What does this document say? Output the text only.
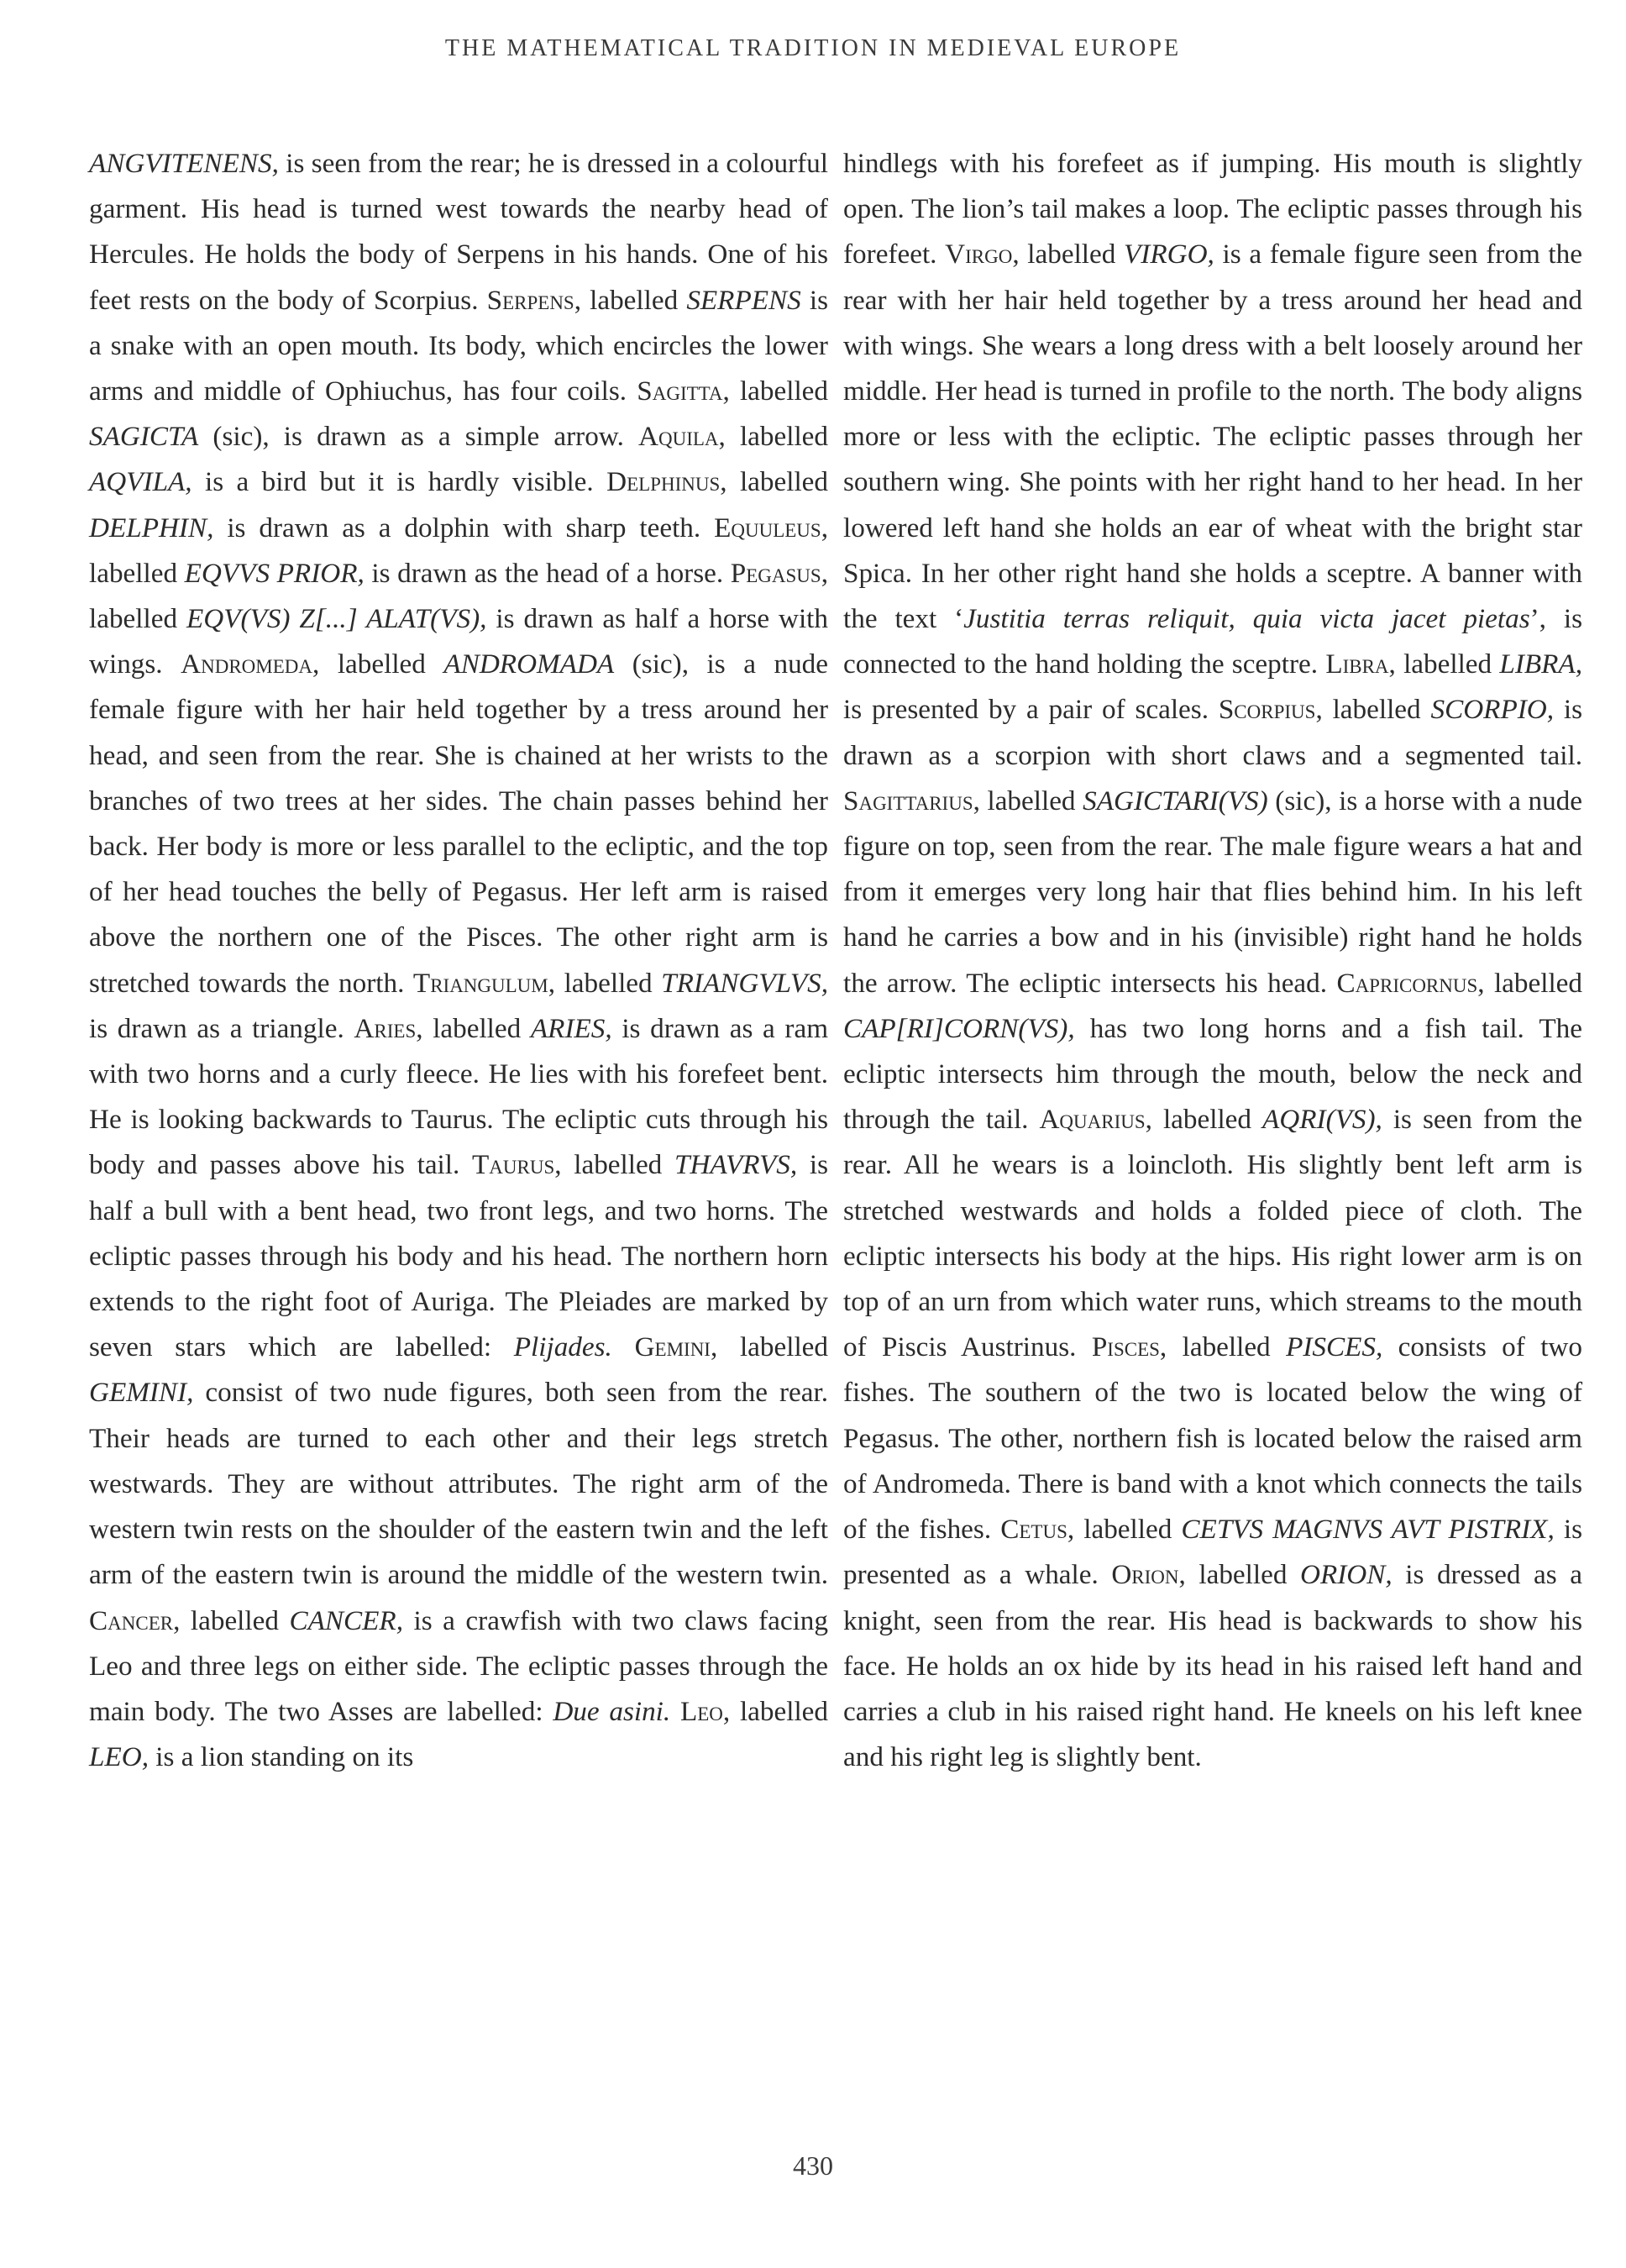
THE MATHEMATICAL TRADITION IN MEDIEVAL EUROPE

ANGVITENENS, is seen from the rear; he is dressed in a colourful garment. His head is turned west towards the nearby head of Hercules. He holds the body of Serpens in his hands. One of his feet rests on the body of Scorpius. Serpens, labelled SERPENS is a snake with an open mouth. Its body, which encircles the lower arms and middle of Ophiuchus, has four coils. Sagitta, labelled SAGICTA (sic), is drawn as a simple arrow. Aquila, labelled AQVILA, is a bird but it is hardly visible. Delphinus, labelled DELPHIN, is drawn as a dolphin with sharp teeth. Equuleus, labelled EQVVS PRIOR, is drawn as the head of a horse. Pegasus, labelled EQV(VS) Z[...] ALAT(VS), is drawn as half a horse with wings. Andromeda, labelled ANDROMADA (sic), is a nude female figure with her hair held together by a tress around her head, and seen from the rear. She is chained at her wrists to the branches of two trees at her sides. The chain passes behind her back. Her body is more or less parallel to the ecliptic, and the top of her head touches the belly of Pegasus. Her left arm is raised above the northern one of the Pisces. The other right arm is stretched towards the north. Triangulum, labelled TRIANGVLVS, is drawn as a triangle. Aries, labelled ARIES, is drawn as a ram with two horns and a curly fleece. He lies with his forefeet bent. He is looking backwards to Taurus. The ecliptic cuts through his body and passes above his tail. Taurus, labelled THAVRVS, is half a bull with a bent head, two front legs, and two horns. The ecliptic passes through his body and his head. The northern horn extends to the right foot of Auriga. The Pleiades are marked by seven stars which are labelled: Plijades. Gemini, labelled GEMINI, consist of two nude figures, both seen from the rear. Their heads are turned to each other and their legs stretch westwards. They are without attributes. The right arm of the western twin rests on the shoulder of the eastern twin and the left arm of the eastern twin is around the middle of the western twin. Cancer, labelled CANCER, is a crawfish with two claws facing Leo and three legs on either side. The ecliptic passes through the main body. The two Asses are labelled: Due asini. Leo, labelled LEO, is a lion standing on its

hindlegs with his forefeet as if jumping. His mouth is slightly open. The lion’s tail makes a loop. The ecliptic passes through his forefeet. Virgo, labelled VIRGO, is a female figure seen from the rear with her hair held together by a tress around her head and with wings. She wears a long dress with a belt loosely around her middle. Her head is turned in profile to the north. The body aligns more or less with the ecliptic. The ecliptic passes through her southern wing. She points with her right hand to her head. In her lowered left hand she holds an ear of wheat with the bright star Spica. In her other right hand she holds a sceptre. A banner with the text ‘Justitia terras reliquit, quia victa jacet pietas’, is connected to the hand holding the sceptre. Libra, labelled LIBRA, is presented by a pair of scales. Scorpius, labelled SCORPIO, is drawn as a scorpion with short claws and a segmented tail. Sagittarius, labelled SAGICTARI(VS) (sic), is a horse with a nude figure on top, seen from the rear. The male figure wears a hat and from it emerges very long hair that flies behind him. In his left hand he carries a bow and in his (invisible) right hand he holds the arrow. The ecliptic intersects his head. Capricornus, labelled CAP[RI]CORN(VS), has two long horns and a fish tail. The ecliptic intersects him through the mouth, below the neck and through the tail. Aquarius, labelled AQRI(VS), is seen from the rear. All he wears is a loincloth. His slightly bent left arm is stretched westwards and holds a folded piece of cloth. The ecliptic intersects his body at the hips. His right lower arm is on top of an urn from which water runs, which streams to the mouth of Piscis Austrinus. Pisces, labelled PISCES, consists of two fishes. The southern of the two is located below the wing of Pegasus. The other, northern fish is located below the raised arm of Andromeda. There is band with a knot which connects the tails of the fishes. Cetus, labelled CETVS MAGNVS AVT PISTRIX, is presented as a whale. Orion, labelled ORION, is dressed as a knight, seen from the rear. His head is backwards to show his face. He holds an ox hide by its head in his raised left hand and carries a club in his raised right hand. He kneels on his left knee and his right leg is slightly bent.

430
